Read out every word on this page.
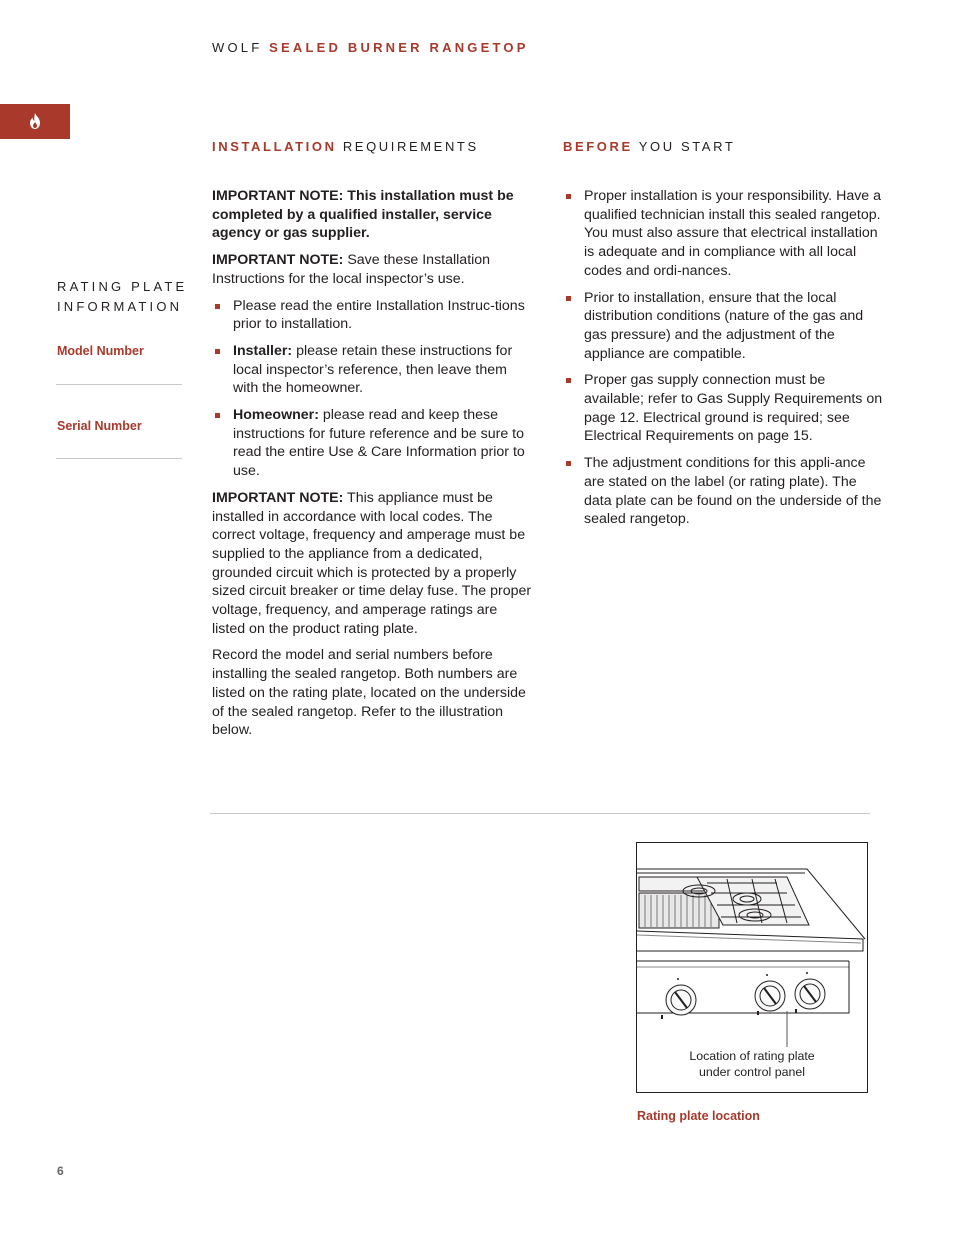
WOLF SEALED BURNER RANGETOP
INSTALLATION REQUIREMENTS	BEFORE YOU START
RATING PLATE
INFORMATION
Model Number
Serial Number

IMPORTANT NOTE: This installation must be completed by a qualified installer, service agency or gas supplier.

IMPORTANT NOTE: Save these Installation Instructions for the local inspector’s use.

Please read the entire Installation Instruc-tions prior to installation.
Installer: please retain these instructions for local inspector’s reference, then leave them with the homeowner.
Homeowner: please read and keep these instructions for future reference and be sure to read the entire Use & Care Information prior to use.

IMPORTANT NOTE: This appliance must be installed in accordance with local codes. The correct voltage, frequency and amperage must be supplied to the appliance from a dedicated, grounded circuit which is protected by a properly sized circuit breaker or time delay fuse. The proper voltage, frequency, and amperage ratings are listed on the product rating plate.

Record the model and serial numbers before installing the sealed rangetop. Both numbers are listed on the rating plate, located on the underside of the sealed rangetop. Refer to the illustration below.

Proper installation is your responsibility. Have a qualified technician install this sealed rangetop. You must also assure that electrical installation is adequate and in compliance with all local codes and ordi-nances.
Prior to installation, ensure that the local distribution conditions (nature of the gas and gas pressure) and the adjustment of the appliance are compatible.
Proper gas supply connection must be available; refer to Gas Supply Requirements on page 12. Electrical ground is required; see Electrical Requirements on page 15.
The adjustment conditions for this appli-ance are stated on the label (or rating plate). The data plate can be found on the underside of the sealed rangetop.
Location of rating plate
under control panel
Rating plate location
6
